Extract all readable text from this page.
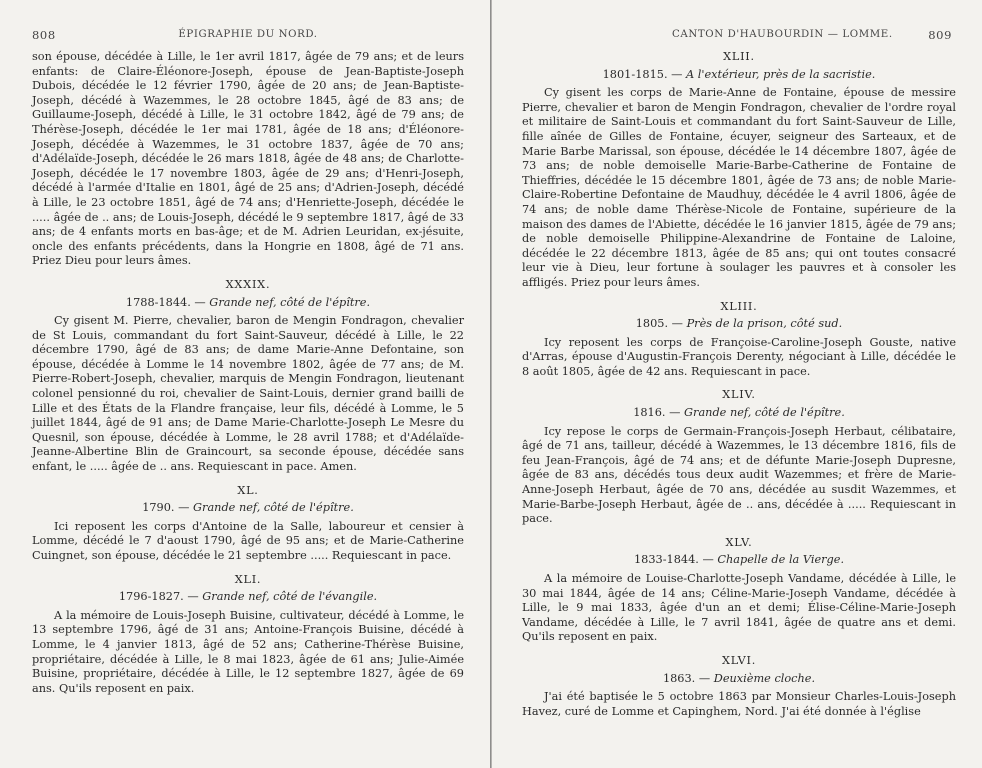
808	ÉPIGRAPHIE DU NORD.

son épouse, décédée à Lille, le 1er avril 1817, âgée de 79 ans; et de leurs enfants: de Claire-Éléonore-Joseph, épouse de Jean-Baptiste-Joseph Dubois, décédée le 12 février 1790, âgée de 20 ans; de Jean-Baptiste-Joseph, décédé à Wazemmes, le 28 octobre 1845, âgé de 83 ans; de Guillaume-Joseph, décédé à Lille, le 31 octobre 1842, âgé de 79 ans; de Thérèse-Joseph, décédée le 1er mai 1781, âgée de 18 ans; d'Éléonore-Joseph, décédée à Wazemmes, le 31 octobre 1837, âgée de 70 ans; d'Adélaïde-Joseph, décédée le 26 mars 1818, âgée de 48 ans; de Charlotte-Joseph, décédée le 17 novembre 1803, âgée de 29 ans; d'Henri-Joseph, décédé à l'armée d'Italie en 1801, âgé de 25 ans; d'Adrien-Joseph, décédé à Lille, le 23 octobre 1851, âgé de 74 ans; d'Henriette-Joseph, décédée le ..... âgée de .. ans; de Louis-Joseph, décédé le 9 septembre 1817, âgé de 33 ans; de 4 enfants morts en bas-âge; et de M. Adrien Leuridan, ex-jésuite, oncle des enfants précédents, dans la Hongrie en 1808, âgé de 71 ans. Priez Dieu pour leurs âmes.

XXXIX.
1788-1844. — Grande nef, côté de l'épître.

Cy gisent M. Pierre, chevalier, baron de Mengin Fondragon, chevalier de St Louis, commandant du fort Saint-Sauveur, décédé à Lille, le 22 décembre 1790, âgé de 83 ans; de dame Marie-Anne Defontaine, son épouse, décédée à Lomme le 14 novembre 1802, âgée de 77 ans; de M. Pierre-Robert-Joseph, chevalier, marquis de Mengin Fondragon, lieutenant colonel pensionné du roi, chevalier de Saint-Louis, dernier grand bailli de Lille et des États de la Flandre française, leur fils, décédé à Lomme, le 5 juillet 1844, âgé de 91 ans; de Dame Marie-Charlotte-Joseph Le Mesre du Quesnil, son épouse, décédée à Lomme, le 28 avril 1788; et d'Adélaïde-Jeanne-Albertine Blin de Graincourt, sa seconde épouse, décédée sans enfant, le ..... âgée de .. ans. Requiescant in pace. Amen.

XL.
1790. — Grande nef, côté de l'épître.

Ici reposent les corps d'Antoine de la Salle, laboureur et censier à Lomme, décédé le 7 d'aoust 1790, âgé de 95 ans; et de Marie-Catherine Cuingnet, son épouse, décédée le 21 septembre ..... Requiescant in pace.

XLI.
1796-1827. — Grande nef, côté de l'évangile.

A la mémoire de Louis-Joseph Buisine, cultivateur, décédé à Lomme, le 13 septembre 1796, âgé de 31 ans; Antoine-François Buisine, décédé à Lomme, le 4 janvier 1813, âgé de 52 ans; Catherine-Thérèse Buisine, propriétaire, décédée à Lille, le 8 mai 1823, âgée de 61 ans; Julie-Aimée Buisine, propriétaire, décédée à Lille, le 12 septembre 1827, âgée de 69 ans. Qu'ils reposent en paix.

CANTON D'HAUBOURDIN — LOMME.	809
XLII.
1801-1815. — A l'extérieur, près de la sacristie.

Cy gisent les corps de Marie-Anne de Fontaine, épouse de messire Pierre, chevalier et baron de Mengin Fondragon, chevalier de l'ordre royal et militaire de Saint-Louis et commandant du fort Saint-Sauveur de Lille, fille aînée de Gilles de Fontaine, écuyer, seigneur des Sarteaux, et de Marie Barbe Marissal, son épouse, décédée le 14 décembre 1807, âgée de 73 ans; de noble demoiselle Marie-Barbe-Catherine de Fontaine de Thieffries, décédée le 15 décembre 1801, âgée de 73 ans; de noble Marie-Claire-Robertine Defontaine de Maudhuy, décédée le 4 avril 1806, âgée de 74 ans; de noble dame Thérèse-Nicole de Fontaine, supérieure de la maison des dames de l'Abiette, décédée le 16 janvier 1815, âgée de 79 ans; de noble demoiselle Philippine-Alexandrine de Fontaine de Laloine, décédée le 22 décembre 1813, âgée de 85 ans; qui ont toutes consacré leur vie à Dieu, leur fortune à soulager les pauvres et à consoler les affligés. Priez pour leurs âmes.

XLIII.
1805. — Près de la prison, côté sud.

Icy reposent les corps de Françoise-Caroline-Joseph Gouste, native d'Arras, épouse d'Augustin-François Derenty, négociant à Lille, décédée le 8 août 1805, âgée de 42 ans. Requiescant in pace.

XLIV.
1816. — Grande nef, côté de l'épître.

Icy repose le corps de Germain-François-Joseph Herbaut, célibataire, âgé de 71 ans, tailleur, décédé à Wazemmes, le 13 décembre 1816, fils de feu Jean-François, âgé de 74 ans; et de défunte Marie-Joseph Dupresne, âgée de 83 ans, décédés tous deux audit Wazemmes; et frère de Marie-Anne-Joseph Herbaut, âgée de 70 ans, décédée au susdit Wazemmes, et Marie-Barbe-Joseph Herbaut, âgée de .. ans, décédée à ..... Requiescant in pace.

XLV.
1833-1844. — Chapelle de la Vierge.

A la mémoire de Louise-Charlotte-Joseph Vandame, décédée à Lille, le 30 mai 1844, âgée de 14 ans; Céline-Marie-Joseph Vandame, décédée à Lille, le 9 mai 1833, âgée d'un an et demi; Élise-Céline-Marie-Joseph Vandame, décédée à Lille, le 7 avril 1841, âgée de quatre ans et demi. Qu'ils reposent en paix.

XLVI.
1863. — Deuxième cloche.

J'ai été baptisée le 5 octobre 1863 par Monsieur Charles-Louis-Joseph Havez, curé de Lomme et Capinghem, Nord. J'ai été donnée à l'église
